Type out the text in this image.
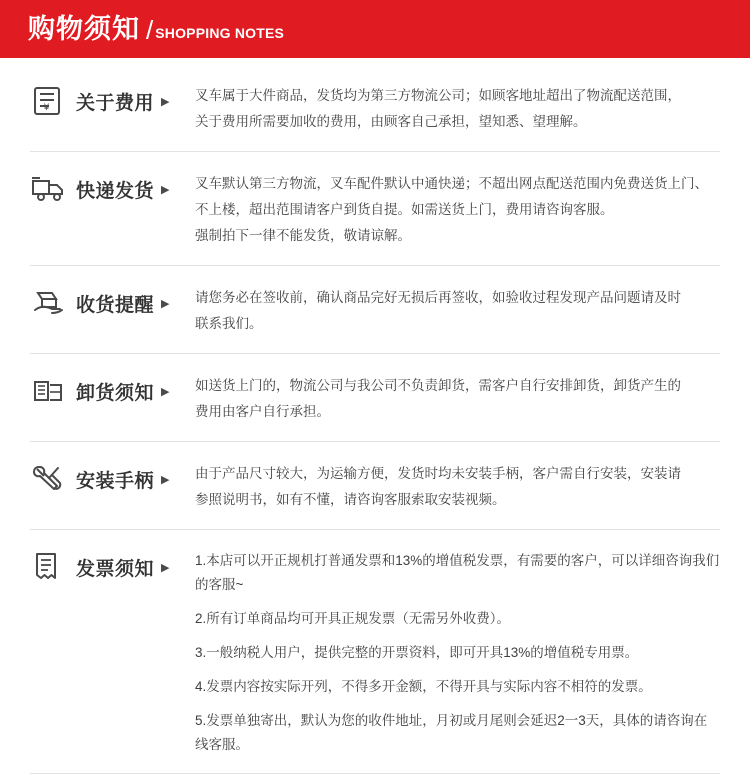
购物须知 / SHOPPING NOTES
¥ 关于费用 ▶ 叉车属于大件商品，发货均为第三方物流公司；如顾客地址超出了物流配送范围，

关于费用所需要加收的费用，由顾客自己承担，望知悉、望理解。

快递发货 ▶ 叉车默认第三方物流，叉车配件默认中通快递；不超出网点配送范围内免费送货上门、

不上楼，超出范围请客户到货自提。如需送货上门，费用请咨询客服。

强制拍下一律不能发货，敬请谅解。

收货提醒 ▶ 请您务必在签收前，确认商品完好无损后再签收，如验收过程发现产品问题请及时

联系我们。

卸货须知 ▶ 如送货上门的，物流公司与我公司不负责卸货，需客户自行安排卸货，卸货产生的

费用由客户自行承担。

安装手柄 ▶ 由于产品尺寸较大，为运输方便，发货时均未安装手柄，客户需自行安装，安装请

参照说明书，如有不懂，请咨询客服索取安装视频。

发票须知 ▶ 1.本店可以开正规机打普通发票和13%的增值税发票，有需要的客户，可以详细咨询我们的客服~

2.所有订单商品均可开具正规发票（无需另外收费）。

3.一般纳税人用户，提供完整的开票资料，即可开具13%的增值税专用票。

4.发票内容按实际开列，不得多开金额，不得开具与实际内容不相符的发票。

5.发票单独寄出，默认为您的收件地址，月初或月尾则会延迟2一3天，具体的请咨询在线客服。
